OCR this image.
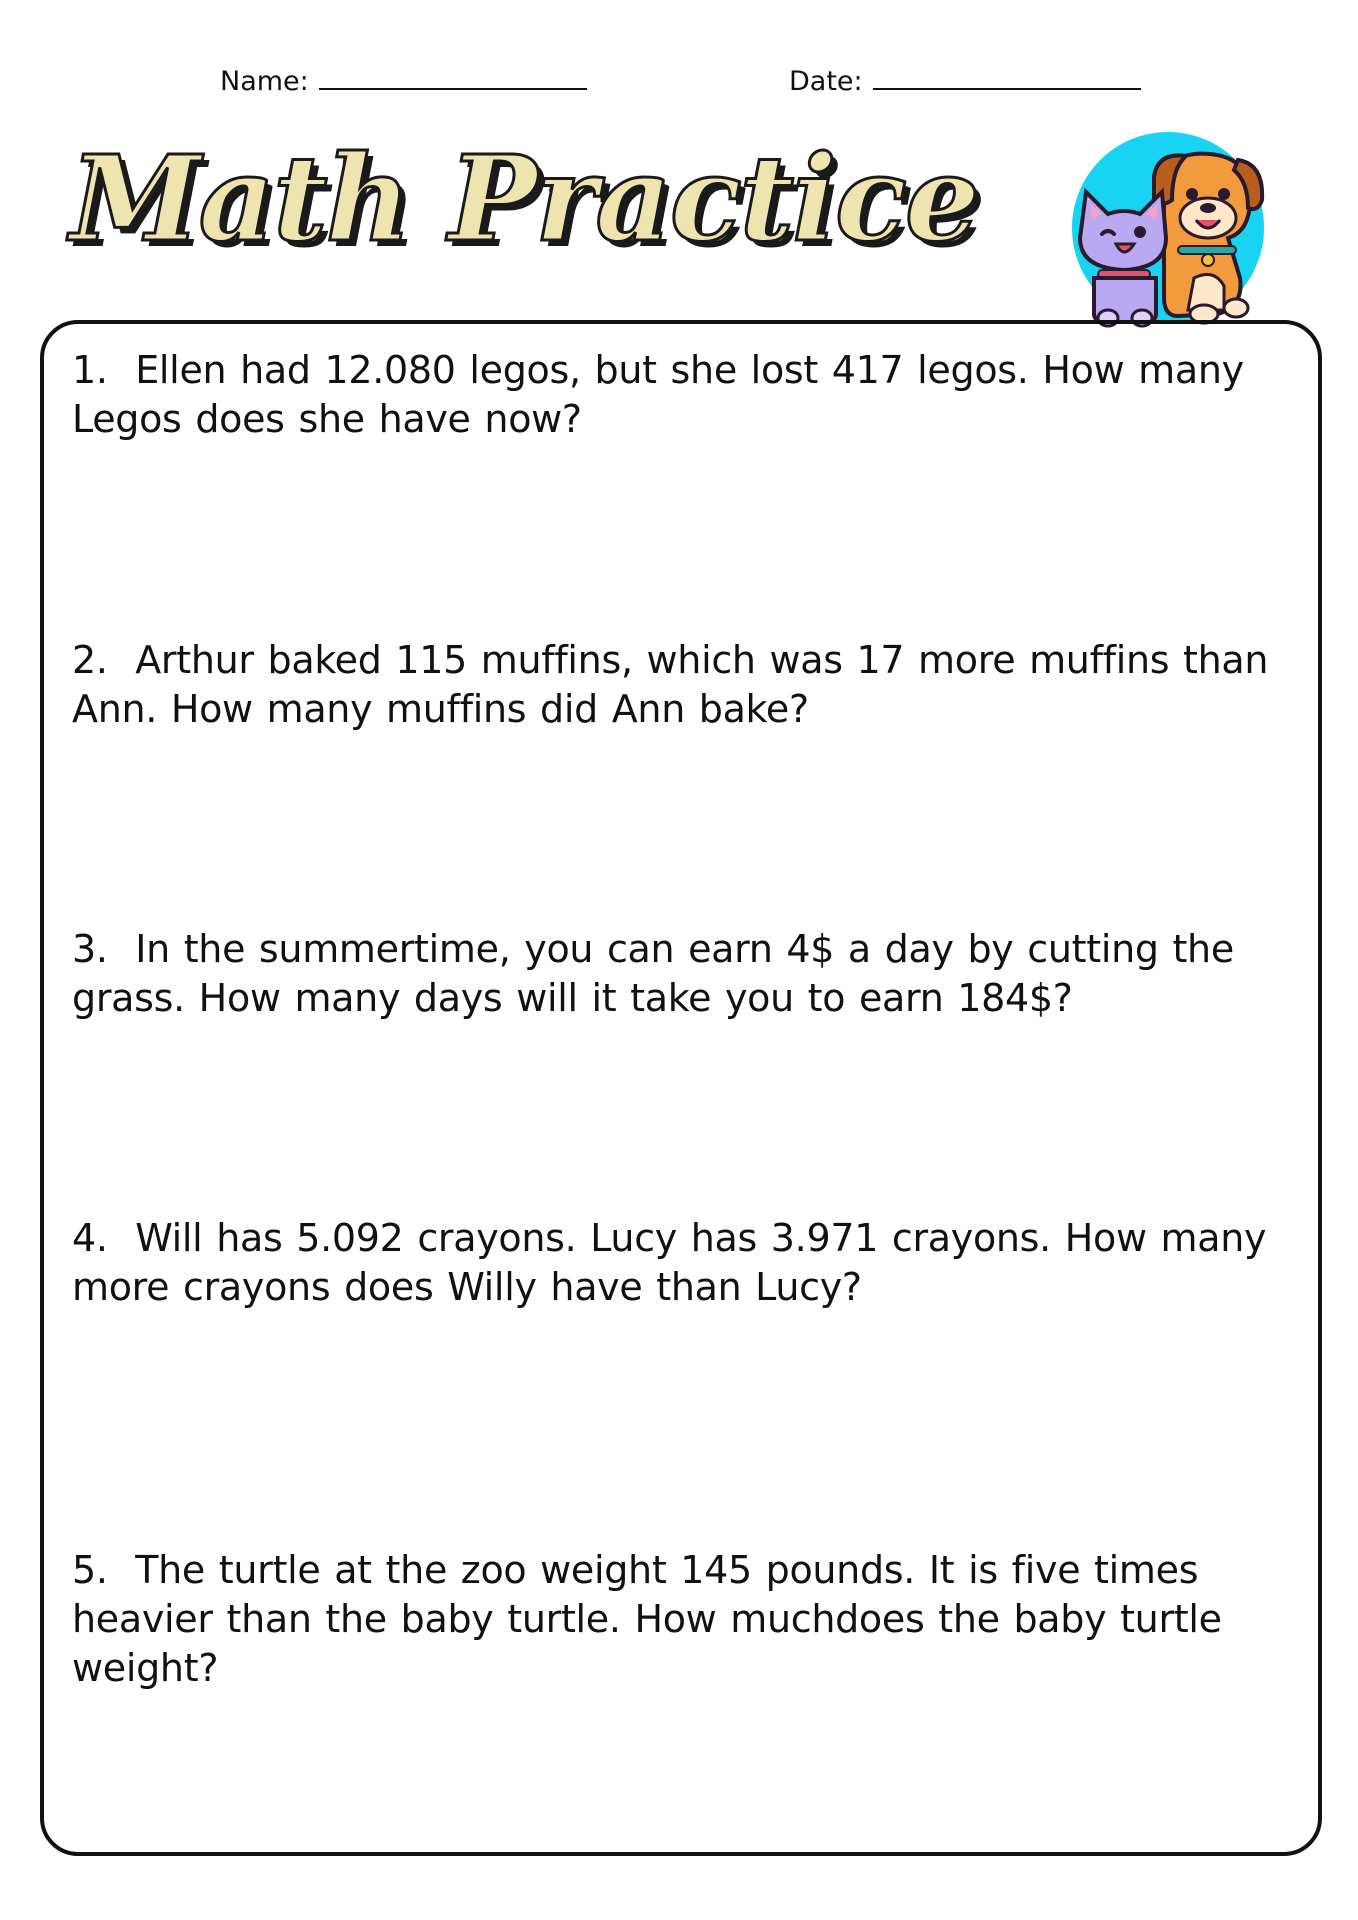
Name:	Date:
Math Practice
1. Ellen had 12.080 legos, but she lost 417 legos. How many Legos does she have now?
2. Arthur baked 115 muffins, which was 17 more muffins than Ann. How many muffins did Ann bake?
3. In the summertime, you can earn 4$ a day by cutting the grass. How many days will it take you to earn 184$?
4. Will has 5.092 crayons. Lucy has 3.971 crayons. How many more crayons does Willy have than Lucy?
5. The turtle at the zoo weight 145 pounds. It is five times heavier than the baby turtle. How muchdoes the baby turtle weight?
